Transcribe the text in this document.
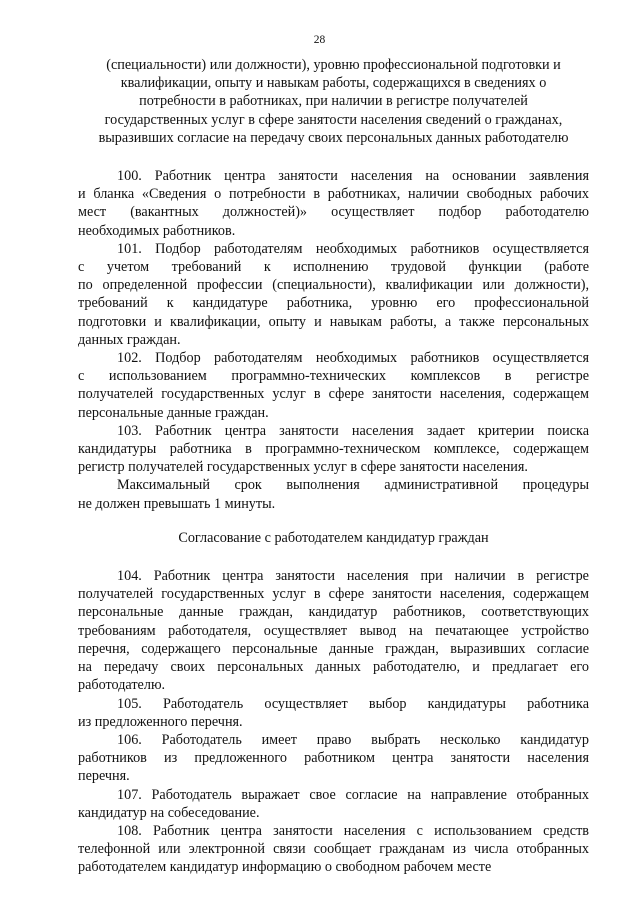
28
(специальности) или должности), уровню профессиональной подготовки и
квалификации, опыту и навыкам работы, содержащихся в сведениях о
потребности в работниках, при наличии в регистре получателей
государственных услуг в сфере занятости населения сведений о гражданах,
выразивших согласие на передачу своих персональных данных работодателю
100. Работник центра занятости населения на основании заявления
и бланка «Сведения о потребности в работниках, наличии свободных рабочих
мест (вакантных должностей)» осуществляет подбор работодателю
необходимых работников.
101. Подбор работодателям необходимых работников осуществляется
с учетом требований к исполнению трудовой функции (работе
по определенной профессии (специальности), квалификации или должности),
требований к кандидатуре работника, уровню его профессиональной
подготовки и квалификации, опыту и навыкам работы, а также персональных
данных граждан.
102. Подбор работодателям необходимых работников осуществляется
с использованием программно-технических комплексов в регистре
получателей государственных услуг в сфере занятости населения, содержащем
персональные данные граждан.
103. Работник центра занятости населения задает критерии поиска
кандидатуры работника в программно-техническом комплексе, содержащем
регистр получателей государственных услуг в сфере занятости населения.
Максимальный срок выполнения административной процедуры
не должен превышать 1 минуты.
Согласование с работодателем кандидатур граждан
104. Работник центра занятости населения при наличии в регистре
получателей государственных услуг в сфере занятости населения, содержащем
персональные данные граждан, кандидатур работников, соответствующих
требованиям работодателя, осуществляет вывод на печатающее устройство
перечня, содержащего персональные данные граждан, выразивших согласие
на передачу своих персональных данных работодателю, и предлагает его
работодателю.
105. Работодатель осуществляет выбор кандидатуры работника
из предложенного перечня.
106. Работодатель имеет право выбрать несколько кандидатур
работников из предложенного работником центра занятости населения
перечня.
107. Работодатель выражает свое согласие на направление отобранных
кандидатур на собеседование.
108. Работник центра занятости населения с использованием средств
телефонной или электронной связи сообщает гражданам из числа отобранных
работодателем кандидатур информацию о свободном рабочем месте
